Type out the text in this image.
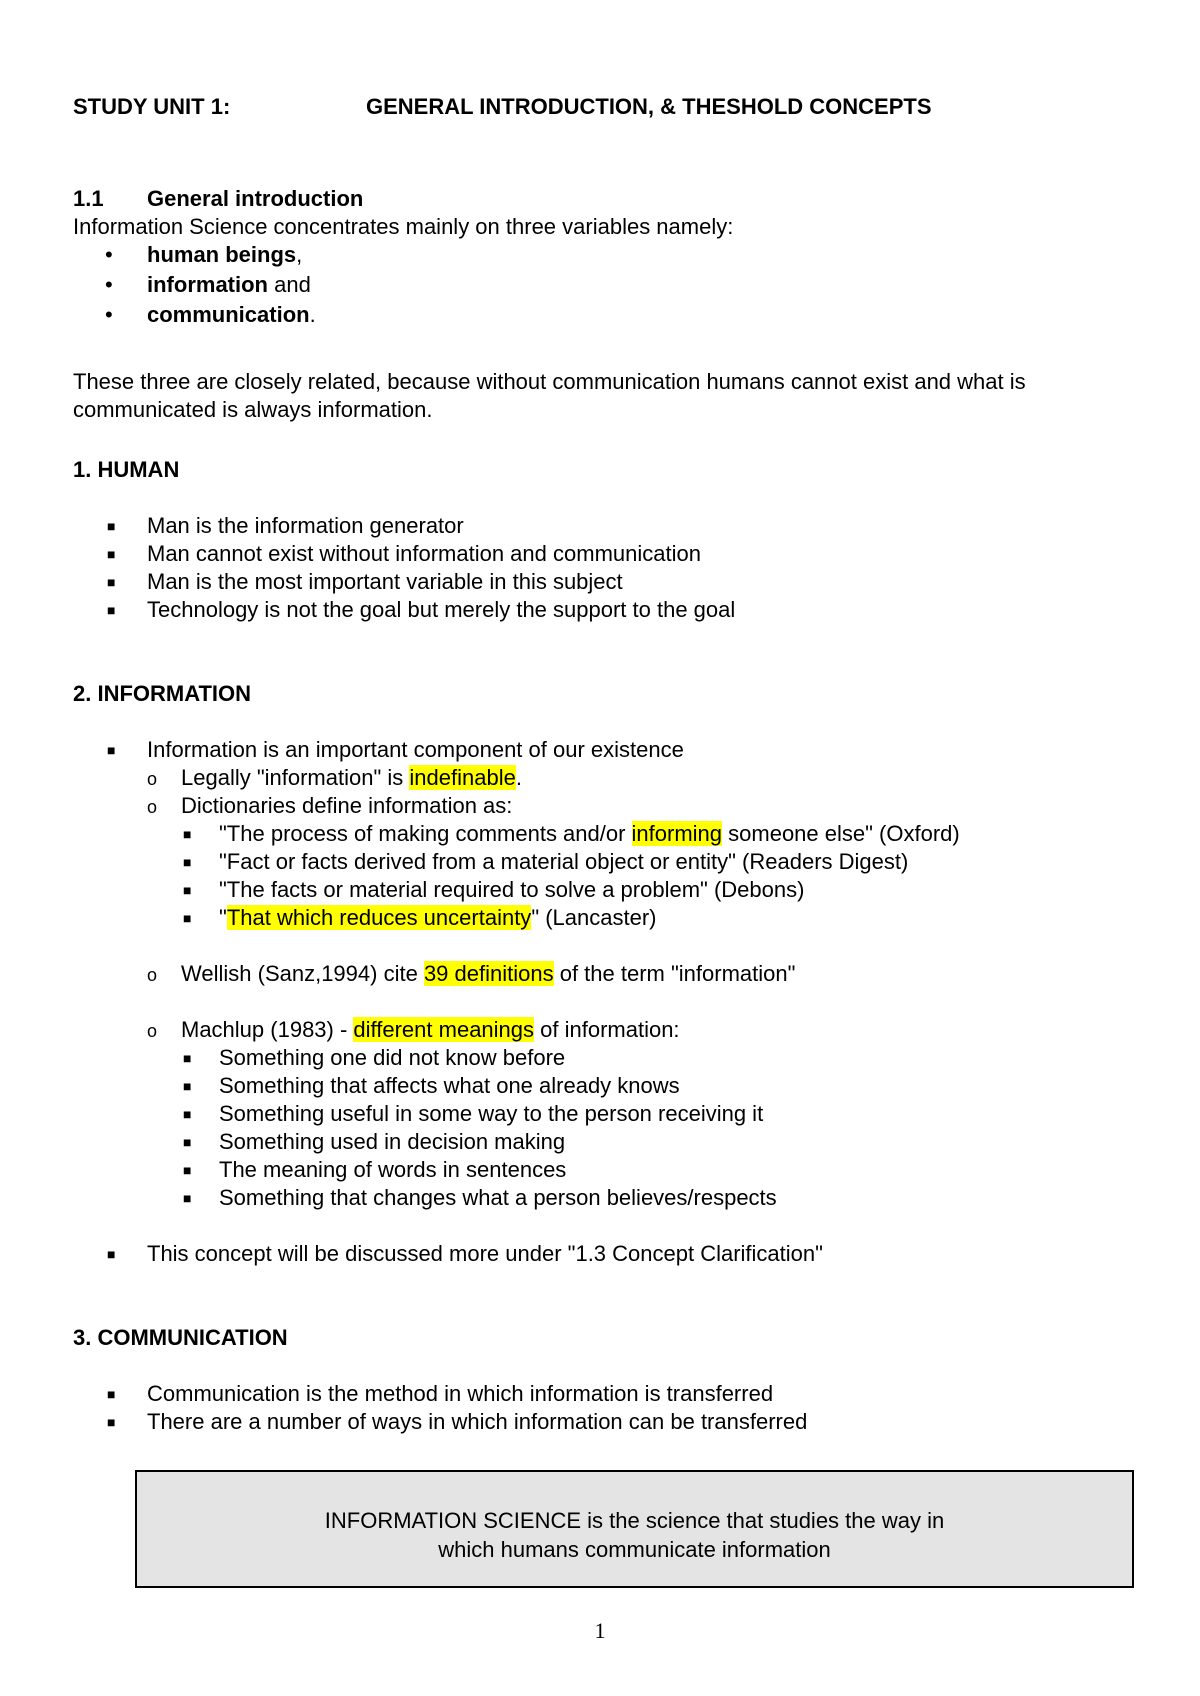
STUDY UNIT 1:	GENERAL INTRODUCTION, & THESHOLD CONCEPTS
1.1 General introduction
Information Science concentrates mainly on three variables namely:
• human beings,
• information and
• communication.
These three are closely related, because without communication humans cannot exist and what is communicated is always information.
1. HUMAN
■ Man is the information generator
■ Man cannot exist without information and communication
■ Man is the most important variable in this subject
■ Technology is not the goal but merely the support to the goal
2. INFORMATION
■ Information is an important component of our existence
o Legally "information" is indefinable.
o Dictionaries define information as:
■ "The process of making comments and/or informing someone else" (Oxford)
■ "Fact or facts derived from a material object or entity" (Readers Digest)
■ "The facts or material required to solve a problem" (Debons)
■ "That which reduces uncertainty" (Lancaster)
o Wellish (Sanz,1994) cite 39 definitions of the term "information"
o Machlup (1983) - different meanings of information:
■ Something one did not know before
■ Something that affects what one already knows
■ Something useful in some way to the person receiving it
■ Something used in decision making
■ The meaning of words in sentences
■ Something that changes what a person believes/respects
■ This concept will be discussed more under "1.3 Concept Clarification"
3. COMMUNICATION
■ Communication is the method in which information is transferred
■ There are a number of ways in which information can be transferred
INFORMATION SCIENCE is the science that studies the way in
which humans communicate information
1
